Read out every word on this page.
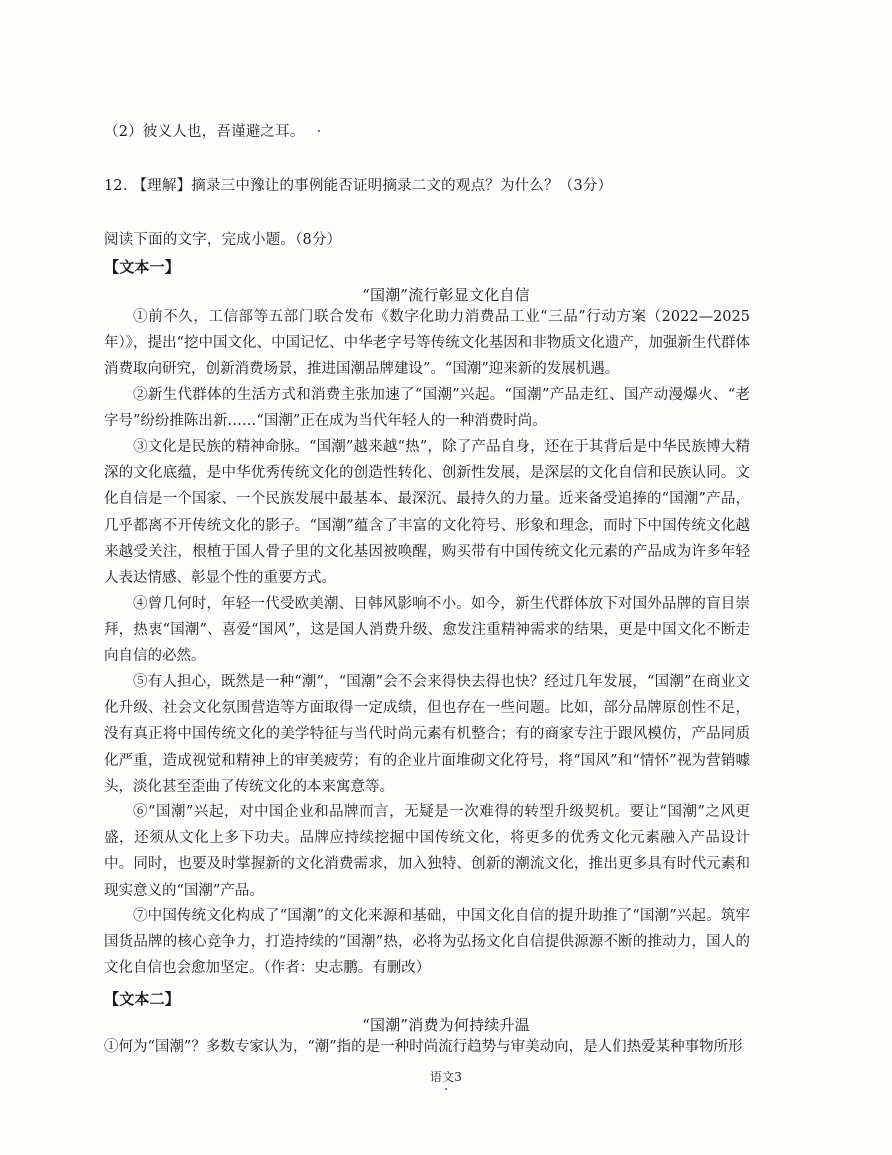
（2）彼义人也，吾谨避之耳。
12. 【理解】摘录三中豫让的事例能否证明摘录二文的观点？为什么？（3分）
阅读下面的文字，完成小题。（8分）
【文本一】
“国潮”流行彰显文化自信
①前不久，工信部等五部门联合发布《数字化助力消费品工业“三品”行动方案（2022—2025年）》，提出“挖中国文化、中国记忆、中华老字号等传统文化基因和非物质文化遗产，加强新生代群体消费取向研究，创新消费场景，推进国潮品牌建设”。“国潮”迎来新的发展机遇。
②新生代群体的生活方式和消费主张加速了“国潮”兴起。“国潮”产品走红、国产动漫爆火、“老字号”纷纷推陈出新……“国潮”正在成为当代年轻人的一种消费时尚。
③文化是民族的精神命脉。“国潮”越来越“热”，除了产品自身，还在于其背后是中华民族博大精深的文化底蕴，是中华优秀传统文化的创造性转化、创新性发展，是深层的文化自信和民族认同。文化自信是一个国家、一个民族发展中最基本、最深沉、最持久的力量。近来备受追捧的“国潮”产品，几乎都离不开传统文化的影子。“国潮”蕴含了丰富的文化符号、形象和理念，而时下中国传统文化越来越受关注，根植于国人骨子里的文化基因被唤醒，购买带有中国传统文化元素的产品成为许多年轻人表达情感、彰显个性的重要方式。
④曾几何时，年轻一代受欧美潮、日韩风影响不小。如今，新生代群体放下对国外品牌的盲目崇拜，热衷“国潮”、喜爱“国风”，这是国人消费升级、愈发注重精神需求的结果，更是中国文化不断走向自信的必然。
⑤有人担心，既然是一种“潮”，“国潮”会不会来得快去得也快？经过几年发展，“国潮”在商业文化升级、社会文化氛围营造等方面取得一定成绩，但也存在一些问题。比如，部分品牌原创性不足，没有真正将中国传统文化的美学特征与当代时尚元素有机整合；有的商家专注于跟风模仿，产品同质化严重，造成视觉和精神上的审美疲劳；有的企业片面堆砌文化符号，将“国风”和“情怀”视为营销噱头，淡化甚至歪曲了传统文化的本来寓意等。
⑥“国潮”兴起，对中国企业和品牌而言，无疑是一次难得的转型升级契机。要让“国潮”之风更盛，还须从文化上多下功夫。品牌应持续挖掘中国传统文化，将更多的优秀文化元素融入产品设计中。同时，也要及时掌握新的文化消费需求，加入独特、创新的潮流文化，推出更多具有时代元素和现实意义的“国潮”产品。
⑦中国传统文化构成了“国潮”的文化来源和基础，中国文化自信的提升助推了“国潮”兴起。筑牢国货品牌的核心竞争力，打造持续的“国潮”热，必将为弘扬文化自信提供源源不断的推动力，国人的文化自信也会愈加坚定。（作者：史志鹏。有删改）
【文本二】
“国潮”消费为何持续升温
①何为“国潮”？多数专家认为，“潮”指的是一种时尚流行趋势与审美动向，是人们热爱某种事物所形
语文3
